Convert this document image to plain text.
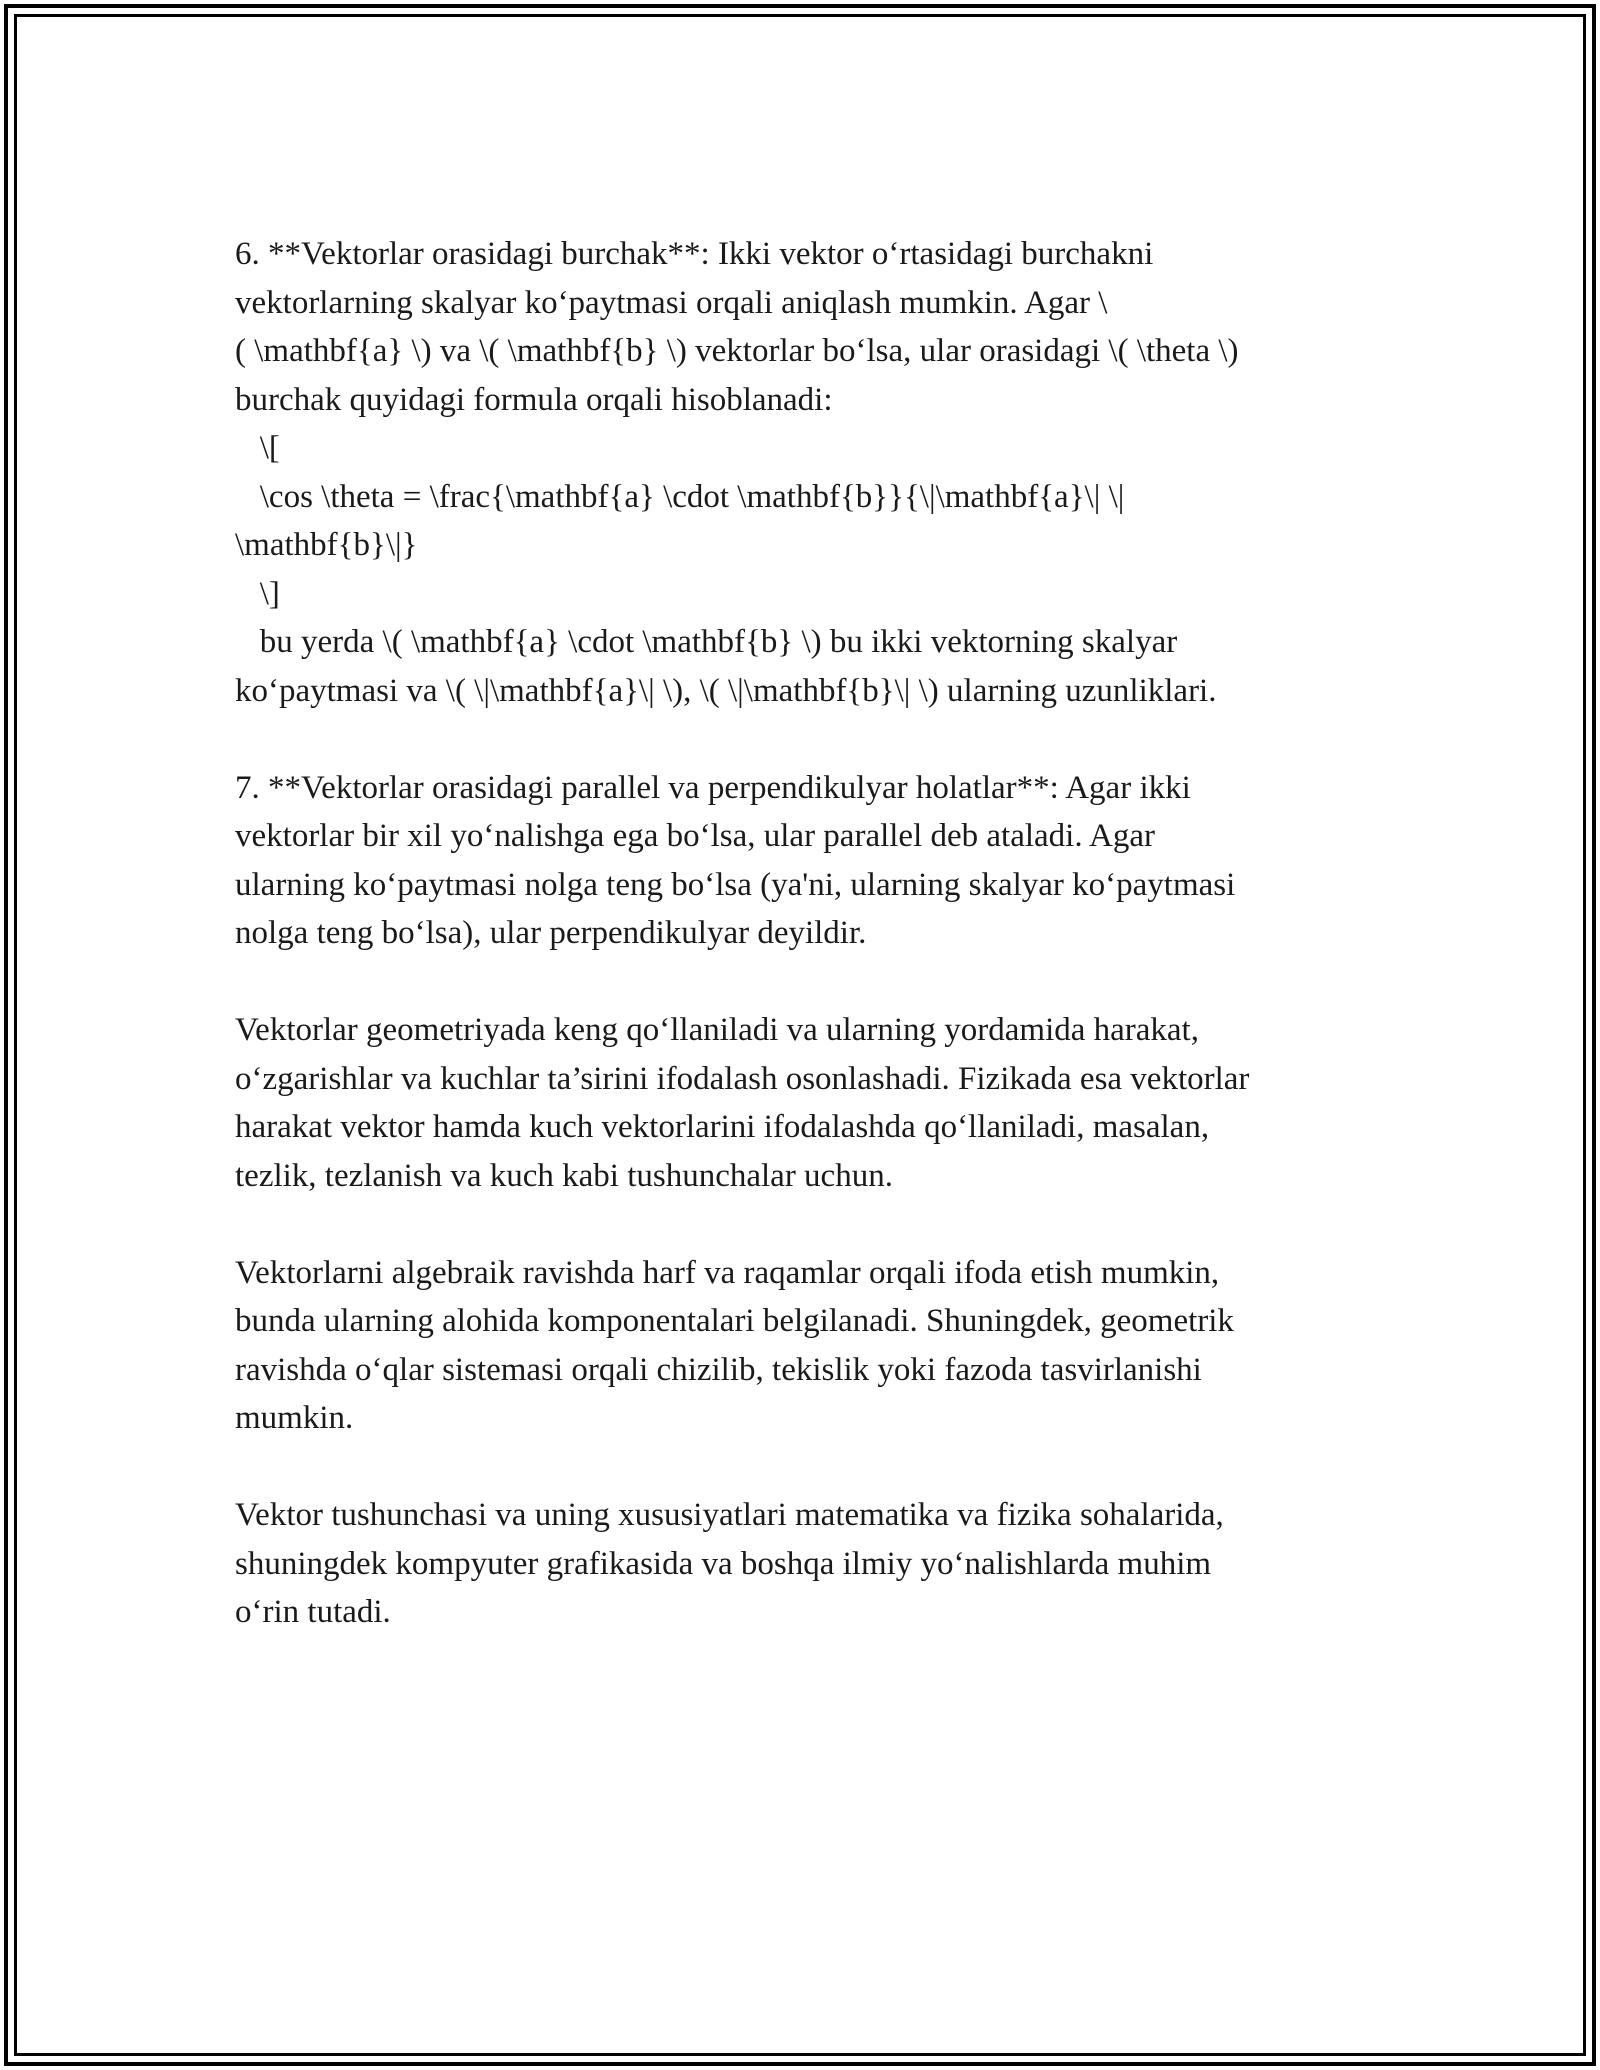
6. **Vektorlar orasidagi burchak**: Ikki vektor o‘rtasidagi burchakni
vektorlarning skalyar ko‘paytmasi orqali aniqlash mumkin. Agar \
( \mathbf{a} \) va \( \mathbf{b} \) vektorlar bo‘lsa, ular orasidagi \( \theta \)
burchak quyidagi formula orqali hisoblanadi:
\[
\cos \theta = \frac{\mathbf{a} \cdot \mathbf{b}}{\|\mathbf{a}\| \|
\mathbf{b}\|}
\]
bu yerda \( \mathbf{a} \cdot \mathbf{b} \) bu ikki vektorning skalyar
ko‘paytmasi va \( \|\mathbf{a}\| \), \( \|\mathbf{b}\| \) ularning uzunliklari.
7. **Vektorlar orasidagi parallel va perpendikulyar holatlar**: Agar ikki
vektorlar bir xil yo‘nalishga ega bo‘lsa, ular parallel deb ataladi. Agar
ularning ko‘paytmasi nolga teng bo‘lsa (ya'ni, ularning skalyar ko‘paytmasi
nolga teng bo‘lsa), ular perpendikulyar deyildir.
Vektorlar geometriyada keng qo‘llaniladi va ularning yordamida harakat,
o‘zgarishlar va kuchlar ta’sirini ifodalash osonlashadi. Fizikada esa vektorlar
harakat vektor hamda kuch vektorlarini ifodalashda qo‘llaniladi, masalan,
tezlik, tezlanish va kuch kabi tushunchalar uchun.
Vektorlarni algebraik ravishda harf va raqamlar orqali ifoda etish mumkin,
bunda ularning alohida komponentalari belgilanadi. Shuningdek, geometrik
ravishda o‘qlar sistemasi orqali chizilib, tekislik yoki fazoda tasvirlanishi
mumkin.
Vektor tushunchasi va uning xususiyatlari matematika va fizika sohalarida,
shuningdek kompyuter grafikasida va boshqa ilmiy yo‘nalishlarda muhim
o‘rin tutadi.
